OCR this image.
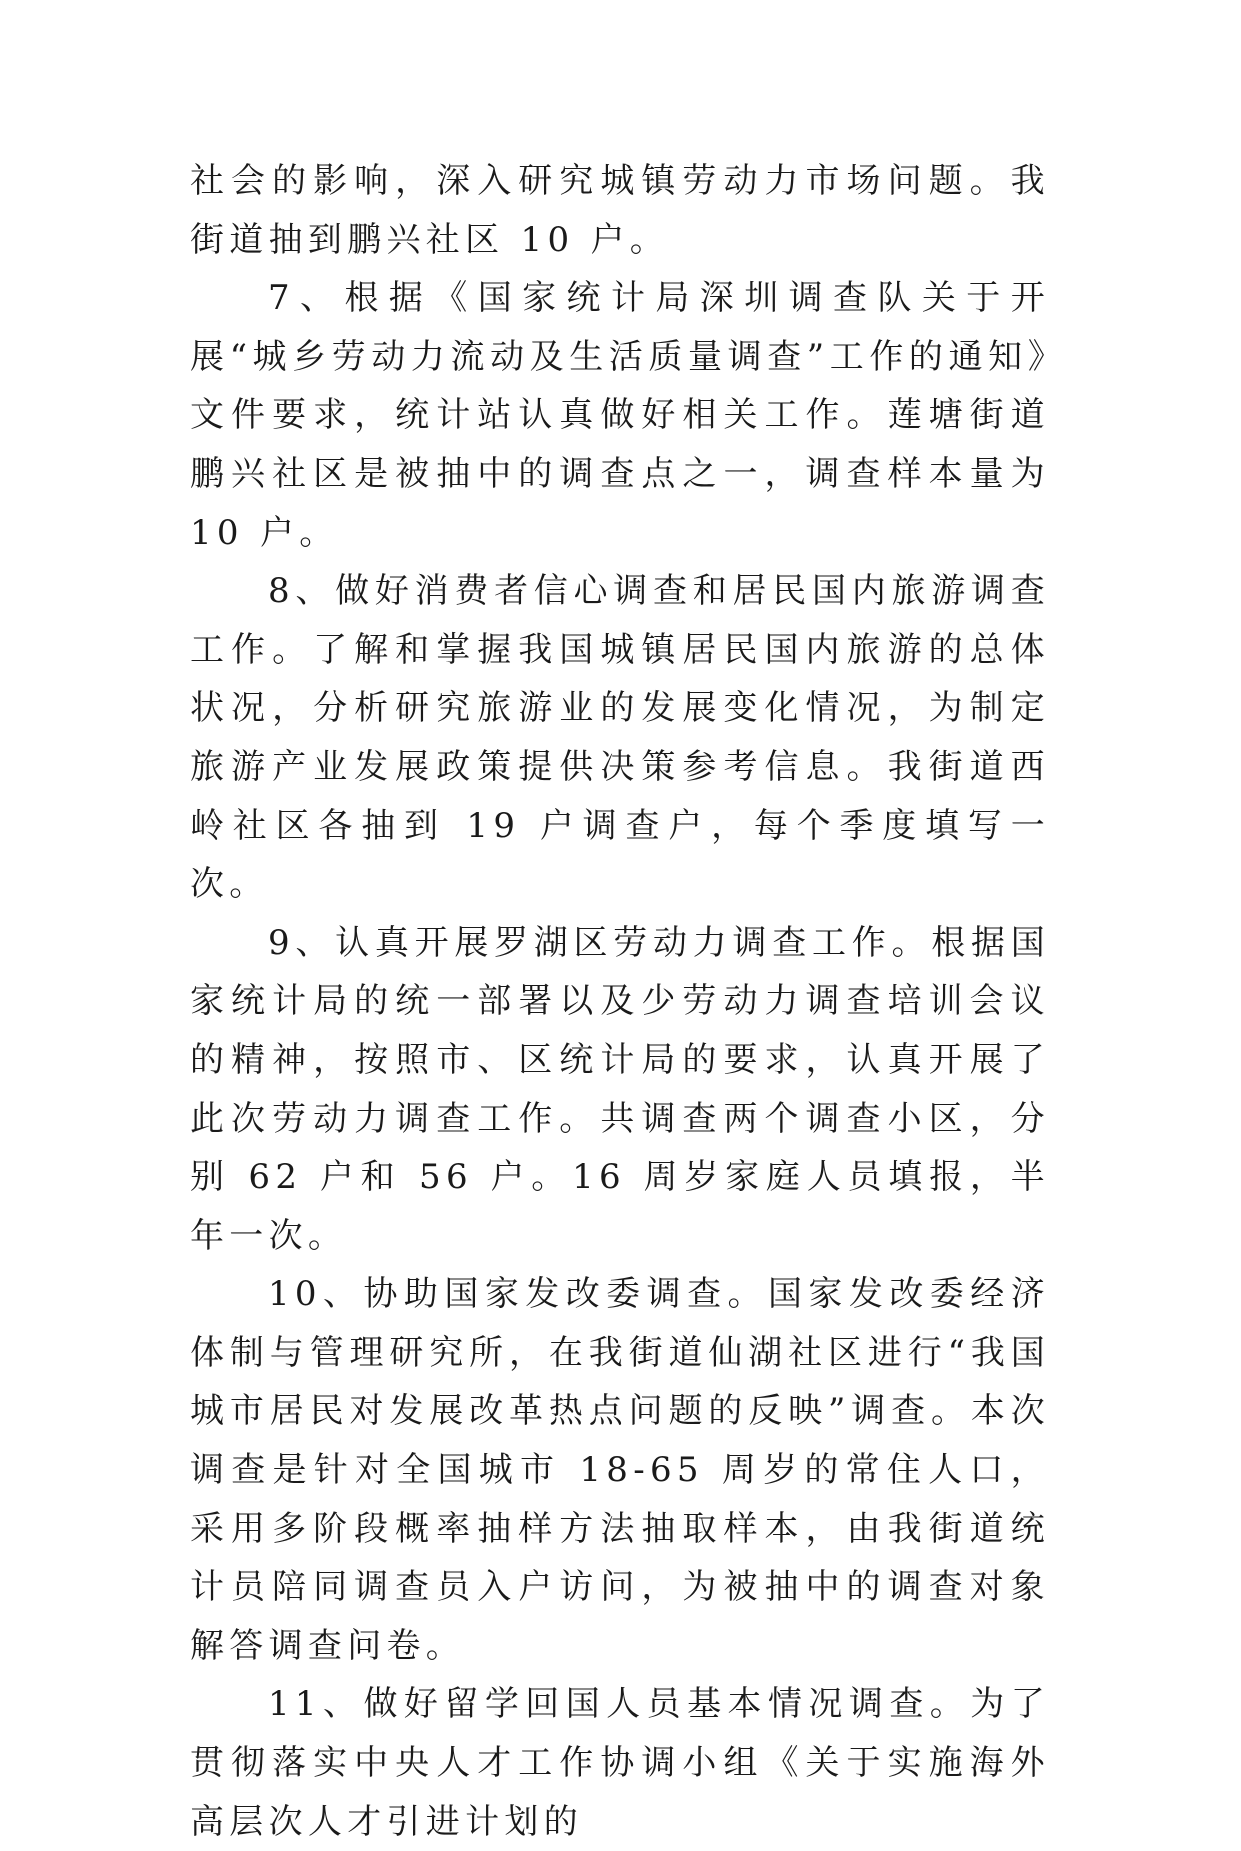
社会的影响，深入研究城镇劳动力市场问题。我街道抽到鹏兴社区 10 户。

7、根据《国家统计局深圳调查队关于开展“城乡劳动力流动及生活质量调查”工作的通知》文件要求，统计站认真做好相关工作。莲塘街道鹏兴社区是被抽中的调查点之一，调查样本量为 10 户。

8、做好消费者信心调查和居民国内旅游调查工作。了解和掌握我国城镇居民国内旅游的总体状况，分析研究旅游业的发展变化情况，为制定旅游产业发展政策提供决策参考信息。我街道西岭社区各抽到 19 户调查户，每个季度填写一次。

9、认真开展罗湖区劳动力调查工作。根据国家统计局的统一部署以及少劳动力调查培训会议的精神，按照市、区统计局的要求，认真开展了此次劳动力调查工作。共调查两个调查小区，分别 62 户和 56 户。16 周岁家庭人员填报，半年一次。

10、协助国家发改委调查。国家发改委经济体制与管理研究所，在我街道仙湖社区进行“我国城市居民对发展改革热点问题的反映”调查。本次调查是针对全国城市 18-65 周岁的常住人口，采用多阶段概率抽样方法抽取样本，由我街道统计员陪同调查员入户访问，为被抽中的调查对象解答调查问卷。

11、做好留学回国人员基本情况调查。为了贯彻落实中央人才工作协调小组《关于实施海外高层次人才引进计划的
